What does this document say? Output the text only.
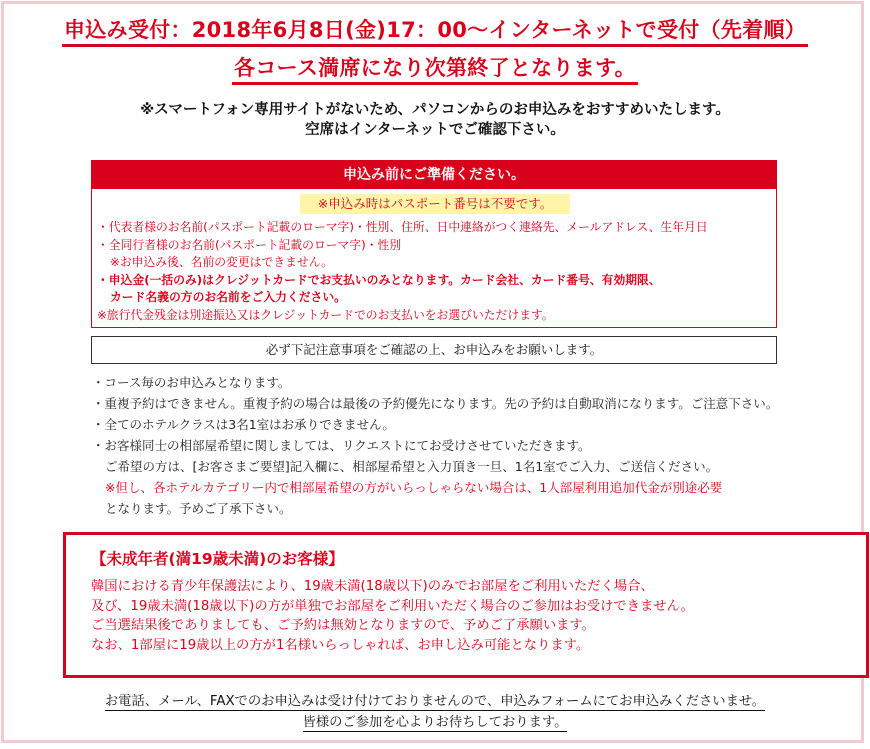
申込み受付：2018年6月8日(金)17：00～インターネットで受付（先着順）
各コース満席になり次第終了となります。
※スマートフォン専用サイトがないため、パソコンからのお申込みをおすすめいたします。
空席はインターネットでご確認下さい。
申込み前にご準備ください。
※申込み時はパスポート番号は不要です。
・代表者様のお名前(パスポート記載のローマ字)・性別、住所、日中連絡がつく連絡先、メールアドレス、生年月日
・全同行者様のお名前(パスポート記載のローマ字)・性別
※お申込み後、名前の変更はできません。
・申込金(一括のみ)はクレジットカードでお支払いのみとなります。カード会社、カード番号、有効期限、
カード名義の方のお名前をご入力ください。
※旅行代金残金は別途振込又はクレジットカードでのお支払いをお選びいただけます。
必ず下記注意事項をご確認の上、お申込みをお願いします。
・コース毎のお申込みとなります。
・重複予約はできません。重複予約の場合は最後の予約優先になります。先の予約は自動取消になります。ご注意下さい。
・全てのホテルクラスは3名1室はお承りできません。
・お客様同士の相部屋希望に関しましては、リクエストにてお受けさせていただきます。
ご希望の方は、[お客さまご要望]記入欄に、相部屋希望と入力頂き一旦、1名1室でご入力、ご送信ください。
※但し、各ホテルカテゴリー内で相部屋希望の方がいらっしゃらない場合は、1人部屋利用追加代金が別途必要
となります。予めご了承下さい。
【未成年者(満19歳未満)のお客様】
韓国における青少年保護法により、19歳未満(18歳以下)のみでお部屋をご利用いただく場合、
及び、19歳未満(18歳以下)の方が単独でお部屋をご利用いただく場合のご参加はお受けできません。
ご当選結果後でありましても、ご予約は無効となりますので、予めご了承願います。
なお、1部屋に19歳以上の方が1名様いらっしゃれば、お申し込み可能となります。
お電話、メール、FAXでのお申込みは受け付けておりませんので、申込みフォームにてお申込みくださいませ。
皆様のご参加を心よりお待ちしております。
